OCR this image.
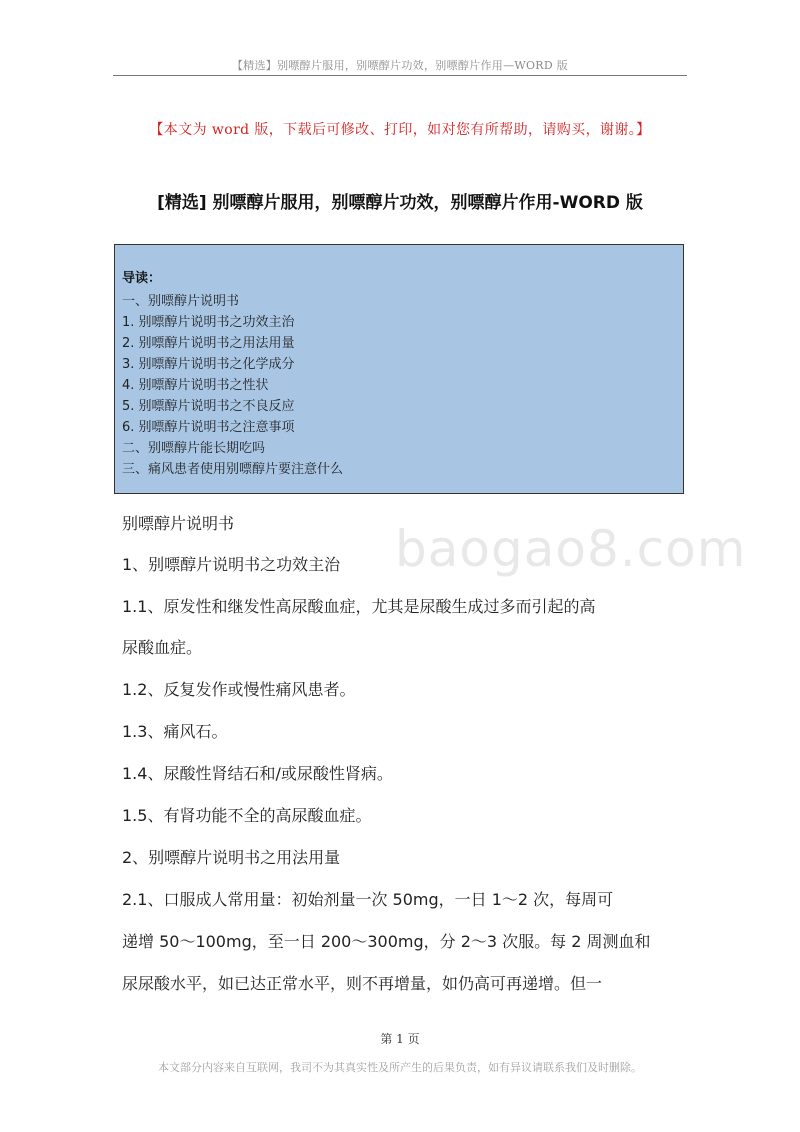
【精选】别嘌醇片服用，别嘌醇片功效，别嘌醇片作用—WORD 版
【本文为 word 版，下载后可修改、打印，如对您有所帮助，请购买，谢谢。】
[精选] 别嘌醇片服用，别嘌醇片功效，别嘌醇片作用-WORD 版
导读：
一、别嘌醇片说明书
1. 别嘌醇片说明书之功效主治
2. 别嘌醇片说明书之用法用量
3. 别嘌醇片说明书之化学成分
4. 别嘌醇片说明书之性状
5. 别嘌醇片说明书之不良反应
6. 别嘌醇片说明书之注意事项
二、别嘌醇片能长期吃吗
三、痛风患者使用别嘌醇片要注意什么
baogao8.com
别嘌醇片说明书
1、别嘌醇片说明书之功效主治
1.1、原发性和继发性高尿酸血症，尤其是尿酸生成过多而引起的高
尿酸血症。
1.2、反复发作或慢性痛风患者。
1.3、痛风石。
1.4、尿酸性肾结石和/或尿酸性肾病。
1.5、有肾功能不全的高尿酸血症。
2、别嘌醇片说明书之用法用量
2.1、口服成人常用量：初始剂量一次 50mg，一日 1～2 次，每周可
递增 50～100mg，至一日 200～300mg，分 2～3 次服。每 2 周测血和
尿尿酸水平，如已达正常水平，则不再增量，如仍高可再递增。但一
第 1 页
本文部分内容来自互联网，我司不为其真实性及所产生的后果负责，如有异议请联系我们及时删除。
